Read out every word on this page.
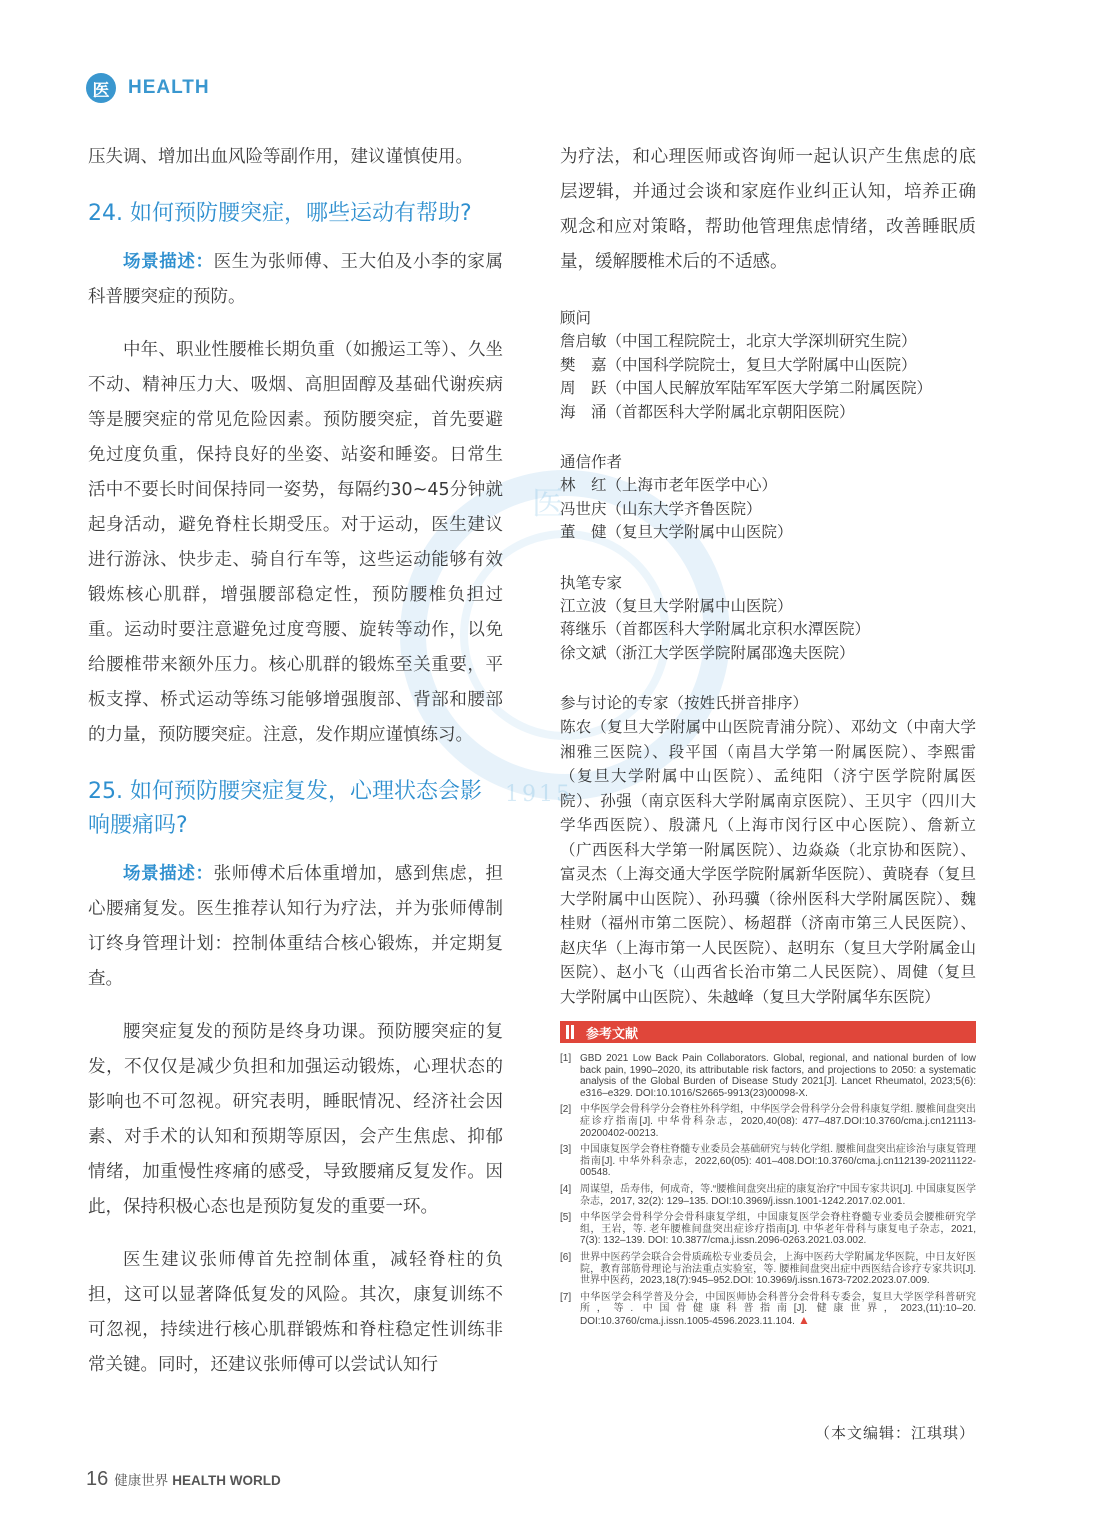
医
1915
医 HEALTH

压失调、增加出血风险等副作用，建议谨慎使用。

24. 如何预防腰突症，哪些运动有帮助?

场景描述：医生为张师傅、王大伯及小李的家属科普腰突症的预防。

中年、职业性腰椎长期负重（如搬运工等）、久坐不动、精神压力大、吸烟、高胆固醇及基础代谢疾病等是腰突症的常见危险因素。预防腰突症，首先要避免过度负重，保持良好的坐姿、站姿和睡姿。日常生活中不要长时间保持同一姿势，每隔约30~45分钟就起身活动，避免脊柱长期受压。对于运动，医生建议进行游泳、快步走、骑自行车等，这些运动能够有效锻炼核心肌群，增强腰部稳定性，预防腰椎负担过重。运动时要注意避免过度弯腰、旋转等动作，以免给腰椎带来额外压力。核心肌群的锻炼至关重要，平板支撑、桥式运动等练习能够增强腹部、背部和腰部的力量，预防腰突症。注意，发作期应谨慎练习。

25. 如何预防腰突症复发，心理状态会影响腰痛吗?

场景描述：张师傅术后体重增加，感到焦虑，担心腰痛复发。医生推荐认知行为疗法，并为张师傅制订终身管理计划：控制体重结合核心锻炼，并定期复查。

腰突症复发的预防是终身功课。预防腰突症的复发，不仅仅是减少负担和加强运动锻炼，心理状态的影响也不可忽视。研究表明，睡眠情况、经济社会因素、对手术的认知和预期等原因，会产生焦虑、抑郁情绪，加重慢性疼痛的感受，导致腰痛反复发作。因此，保持积极心态也是预防复发的重要一环。

医生建议张师傅首先控制体重，减轻脊柱的负担，这可以显著降低复发的风险。其次，康复训练不可忽视，持续进行核心肌群锻炼和脊柱稳定性训练非常关键。同时，还建议张师傅可以尝试认知行

为疗法，和心理医师或咨询师一起认识产生焦虑的底层逻辑，并通过会谈和家庭作业纠正认知，培养正确观念和应对策略，帮助他管理焦虑情绪，改善睡眠质量，缓解腰椎术后的不适感。

顾问

詹启敏（中国工程院院士，北京大学深圳研究生院）

樊　嘉（中国科学院院士，复旦大学附属中山医院）

周　跃（中国人民解放军陆军军医大学第二附属医院）

海　涌（首都医科大学附属北京朝阳医院）

通信作者

林　红（上海市老年医学中心）

冯世庆（山东大学齐鲁医院）

董　健（复旦大学附属中山医院）

执笔专家

江立波（复旦大学附属中山医院）

蒋继乐（首都医科大学附属北京积水潭医院）

徐文斌（浙江大学医学院附属邵逸夫医院）

参与讨论的专家（按姓氏拼音排序）

陈农（复旦大学附属中山医院青浦分院）、邓幼文（中南大学湘雅三医院）、段平国（南昌大学第一附属医院）、李熙雷（复旦大学附属中山医院）、孟纯阳（济宁医学院附属医院）、孙强（南京医科大学附属南京医院）、王贝宇（四川大学华西医院）、殷潇凡（上海市闵行区中心医院）、詹新立（广西医科大学第一附属医院）、边焱焱（北京协和医院）、富灵杰（上海交通大学医学院附属新华医院）、黄晓春（复旦大学附属中山医院）、孙玛骥（徐州医科大学附属医院）、魏桂财（福州市第二医院）、杨超群（济南市第三人民医院）、赵庆华（上海市第一人民医院）、赵明东（复旦大学附属金山医院）、赵小飞（山西省长治市第二人民医院）、周健（复旦大学附属中山医院）、朱越峰（复旦大学附属华东医院）

参考文献
[1] GBD 2021 Low Back Pain Collaborators. Global, regional, and national burden of low back pain, 1990–2020, its attributable risk factors, and projections to 2050: a systematic analysis of the Global Burden of Disease Study 2021[J]. Lancet Rheumatol, 2023;5(6): e316–e329. DOI:10.1016/S2665-9913(23)00098-X.
[2] 中华医学会骨科学分会脊柱外科学组，中华医学会骨科学分会骨科康复学组. 腰椎间盘突出症诊疗指南[J]. 中华骨科杂志，2020,40(08): 477–487.DOI:10.3760/cma.j.cn121113-20200402-00213.
[3] 中国康复医学会脊柱脊髓专业委员会基础研究与转化学组. 腰椎间盘突出症诊治与康复管理指南[J]. 中华外科杂志，2022,60(05): 401–408.DOI:10.3760/cma.j.cn112139-20211122-00548.
[4] 周谋望，岳寿伟，何成奇，等.“腰椎间盘突出症的康复治疗”中国专家共识[J]. 中国康复医学杂志，2017, 32(2): 129–135. DOI:10.3969/j.issn.1001-1242.2017.02.001.
[5] 中华医学会骨科学分会骨科康复学组，中国康复医学会脊柱脊髓专业委员会腰椎研究学组，王岩，等. 老年腰椎间盘突出症诊疗指南[J]. 中华老年骨科与康复电子杂志，2021, 7(3): 132–139. DOI: 10.3877/cma.j.issn.2096-0263.2021.03.002.
[6] 世界中医药学会联合会骨质疏松专业委员会，上海中医药大学附属龙华医院，中日友好医院，教育部筋骨理论与治法重点实验室，等. 腰椎间盘突出症中西医结合诊疗专家共识[J]. 世界中医药，2023,18(7):945–952.DOI: 10.3969/j.issn.1673-7202.2023.07.009.
[7] 中华医学会科学普及分会，中国医师协会科普分会骨科专委会，复旦大学医学科普研究所，等. 中国骨健康科普指南[J]. 健康世界，2023,(11):10–20. DOI:10.3760/cma.j.issn.1005-4596.2023.11.104. ▲
（本文编辑：江琪琪）
16 健康世界 HEALTH WORLD
